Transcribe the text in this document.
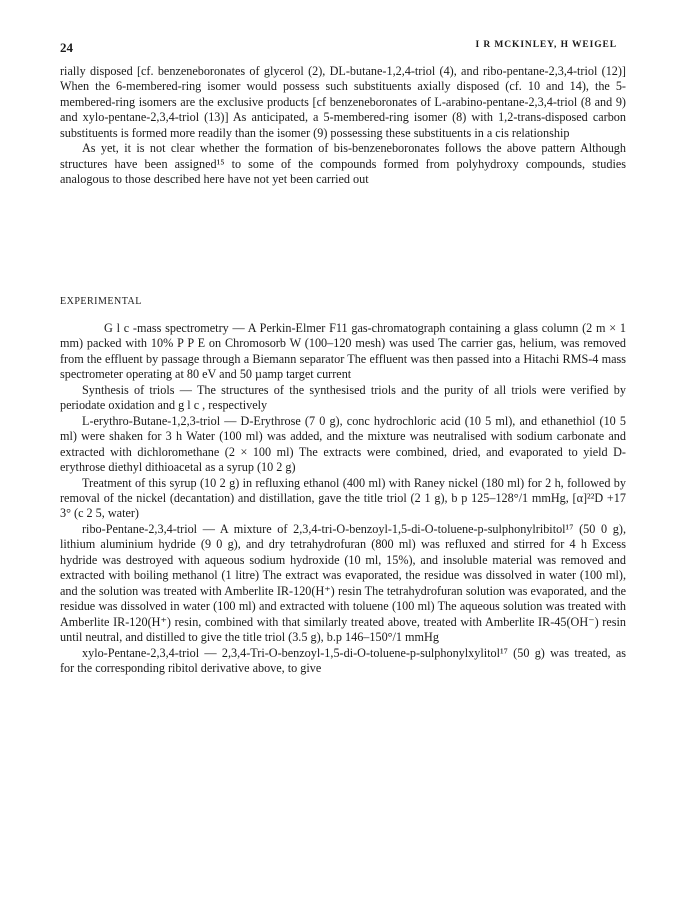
24	I R MCKINLEY, H WEIGEL

rially disposed [cf. benzeneboronates of glycerol (2), DL-butane-1,2,4-triol (4), and ribo-pentane-2,3,4-triol (12)] When the 6-membered-ring isomer would possess such substituents axially disposed (cf. 10 and 14), the 5-membered-ring isomers are the exclusive products [cf benzeneboronates of L-arabino-pentane-2,3,4-triol (8 and 9) and xylo-pentane-2,3,4-triol (13)] As anticipated, a 5-membered-ring isomer (8) with 1,2-trans-disposed carbon substituents is formed more readily than the isomer (9) possessing these substituents in a cis relationship

As yet, it is not clear whether the formation of bis-benzeneboronates follows the above pattern Although structures have been assigned¹⁵ to some of the compounds formed from polyhydroxy compounds, studies analogous to those described here have not yet been carried out

EXPERIMENTAL

G l c -mass spectrometry — A Perkin-Elmer F11 gas-chromatograph containing a glass column (2 m × 1 mm) packed with 10% P P E on Chromosorb W (100–120 mesh) was used The carrier gas, helium, was removed from the effluent by passage through a Biemann separator The effluent was then passed into a Hitachi RMS-4 mass spectrometer operating at 80 eV and 50 µamp target current

Synthesis of triols — The structures of the synthesised triols and the purity of all triols were verified by periodate oxidation and g l c , respectively

L-erythro-Butane-1,2,3-triol — D-Erythrose (7 0 g), conc hydrochloric acid (10 5 ml), and ethanethiol (10 5 ml) were shaken for 3 h Water (100 ml) was added, and the mixture was neutralised with sodium carbonate and extracted with dichloromethane (2 × 100 ml) The extracts were combined, dried, and evaporated to yield D-erythrose diethyl dithioacetal as a syrup (10 2 g)

Treatment of this syrup (10 2 g) in refluxing ethanol (400 ml) with Raney nickel (180 ml) for 2 h, followed by removal of the nickel (decantation) and distillation, gave the title triol (2 1 g), b p 125–128°/1 mmHg, [α]²²D +17 3° (c 2 5, water)

ribo-Pentane-2,3,4-triol — A mixture of 2,3,4-tri-O-benzoyl-1,5-di-O-toluene-p-sulphonylribitol¹⁷ (50 0 g), lithium aluminium hydride (9 0 g), and dry tetrahydrofuran (800 ml) was refluxed and stirred for 4 h Excess hydride was destroyed with aqueous sodium hydroxide (10 ml, 15%), and insoluble material was removed and extracted with boiling methanol (1 litre) The extract was evaporated, the residue was dissolved in water (100 ml), and the solution was treated with Amberlite IR-120(H⁺) resin The tetrahydrofuran solution was evaporated, and the residue was dissolved in water (100 ml) and extracted with toluene (100 ml) The aqueous solution was treated with Amberlite IR-120(H⁺) resin, combined with that similarly treated above, treated with Amberlite IR-45(OH⁻) resin until neutral, and distilled to give the title triol (3.5 g), b.p 146–150°/1 mmHg

xylo-Pentane-2,3,4-triol — 2,3,4-Tri-O-benzoyl-1,5-di-O-toluene-p-sulphonylxylitol¹⁷ (50 g) was treated, as for the corresponding ribitol derivative above, to give
